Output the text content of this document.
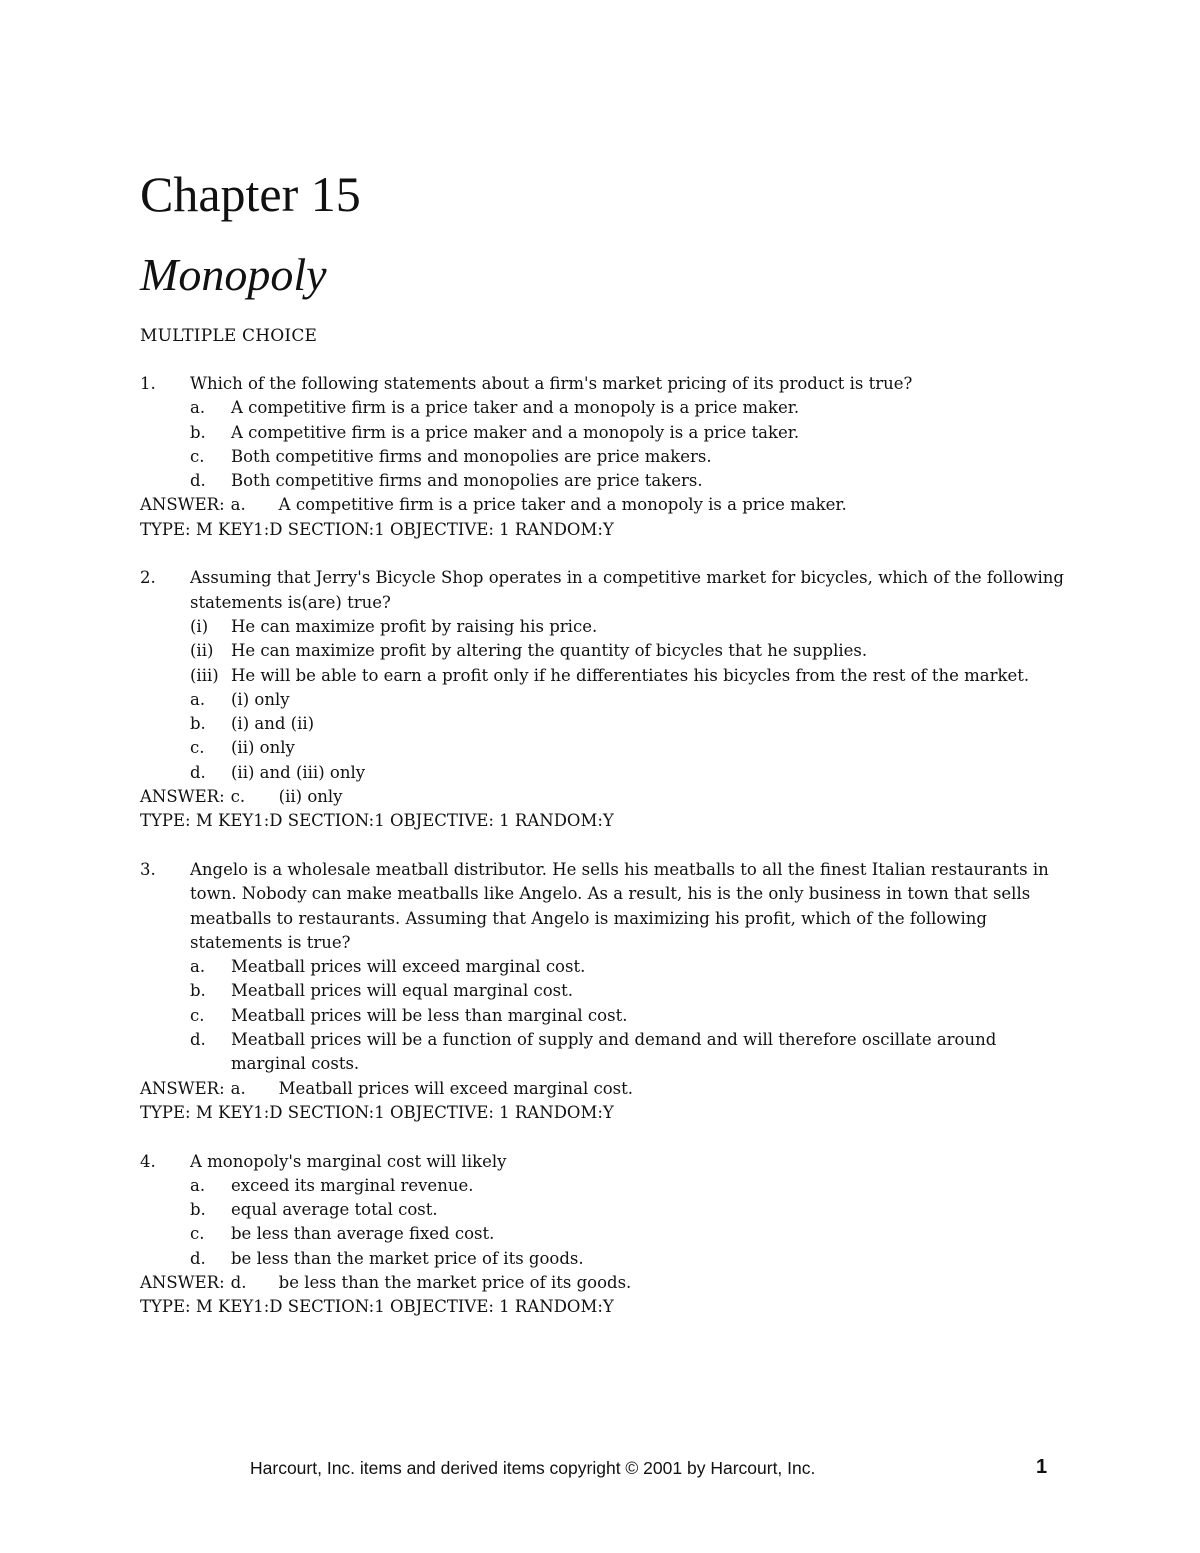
Chapter 15
Monopoly
MULTIPLE CHOICE
1.	Which of the following statements about a firm's market pricing of its product is true?
a.	A competitive firm is a price taker and a monopoly is a price maker.
b.	A competitive firm is a price maker and a monopoly is a price taker.
c.	Both competitive firms and monopolies are price makers.
d.	Both competitive firms and monopolies are price takers.
ANSWER: a.	A competitive firm is a price taker and a monopoly is a price maker.
TYPE: M KEY1:D SECTION:1 OBJECTIVE: 1 RANDOM:Y
2.	Assuming that Jerry's Bicycle Shop operates in a competitive market for bicycles, which of the following statements is(are) true?
(i)	He can maximize profit by raising his price.
(ii)	He can maximize profit by altering the quantity of bicycles that he supplies.
(iii) He will be able to earn a profit only if he differentiates his bicycles from the rest of the market.
a.	(i) only
b.	(i) and (ii)
c.	(ii) only
d.	(ii) and (iii) only
ANSWER: c.	(ii) only
TYPE: M KEY1:D SECTION:1 OBJECTIVE: 1 RANDOM:Y
3.	Angelo is a wholesale meatball distributor. He sells his meatballs to all the finest Italian restaurants in town. Nobody can make meatballs like Angelo. As a result, his is the only business in town that sells meatballs to restaurants. Assuming that Angelo is maximizing his profit, which of the following statements is true?
a.	Meatball prices will exceed marginal cost.
b.	Meatball prices will equal marginal cost.
c.	Meatball prices will be less than marginal cost.
d.	Meatball prices will be a function of supply and demand and will therefore oscillate around marginal costs.
ANSWER: a.	Meatball prices will exceed marginal cost.
TYPE: M KEY1:D SECTION:1 OBJECTIVE: 1 RANDOM:Y
4.	A monopoly's marginal cost will likely
a.	exceed its marginal revenue.
b.	equal average total cost.
c.	be less than average fixed cost.
d.	be less than the market price of its goods.
ANSWER: d.	be less than the market price of its goods.
TYPE: M KEY1:D SECTION:1 OBJECTIVE: 1 RANDOM:Y
Harcourt, Inc. items and derived items copyright © 2001 by Harcourt, Inc.	1
